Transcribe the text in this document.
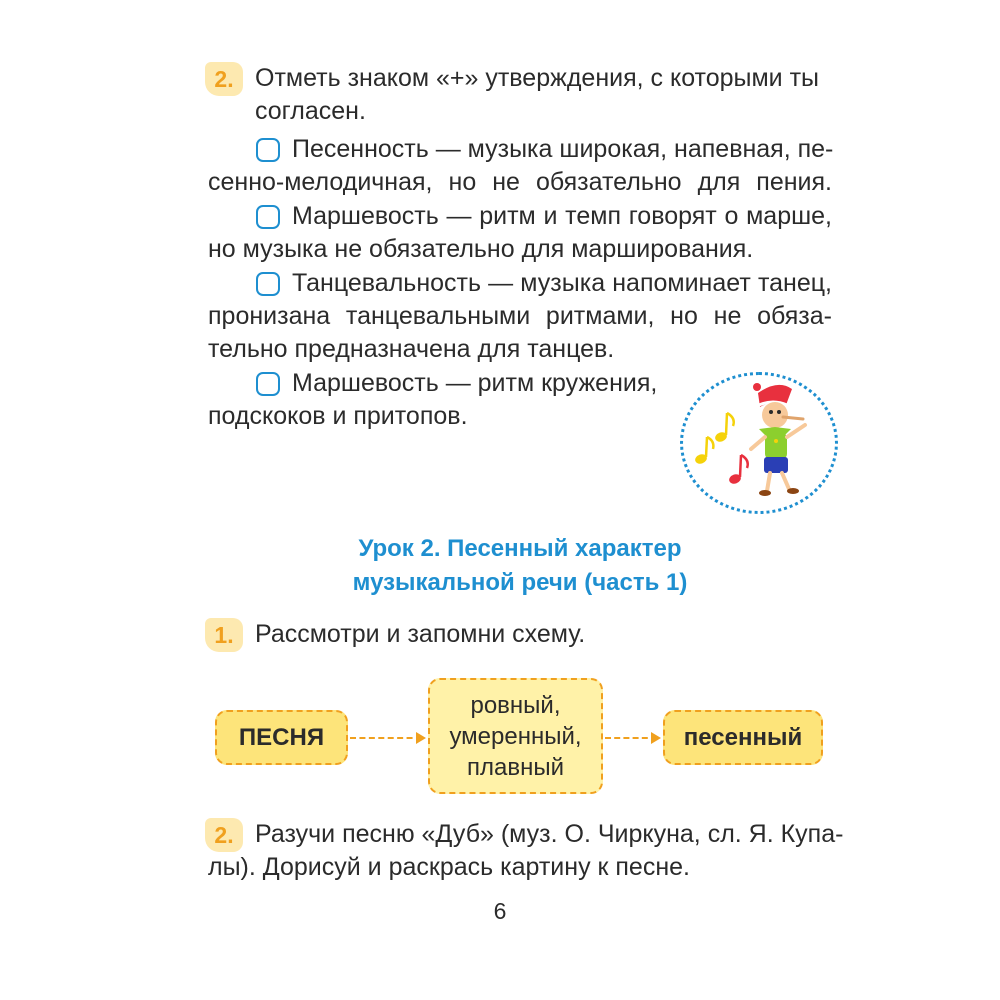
2. Отметь знаком «+» утверждения, с которыми ты
согласен.
Песенность — музыка широкая, напевная, пе-
сенно-мелодичная, но не обязательно для пения.
Маршевость — ритм и темп говорят о марше,
но музыка не обязательно для марширования.
Танцевальность — музыка напоминает танец,
пронизана танцевальными ритмами, но не обяза-
тельно предназначена для танцев.
Маршевость — ритм кружения,
подскоков и притопов.
Урок 2. Песенный характер
музыкальной речи (часть 1)
1. Рассмотри и запомни схему.
ПЕСНЯ
ровный,
умеренный,
плавный
песенный
2. Разучи песню «Дуб» (муз. О. Чиркуна, сл. Я. Купа-
лы). Дорисуй и раскрась картину к песне.
6
